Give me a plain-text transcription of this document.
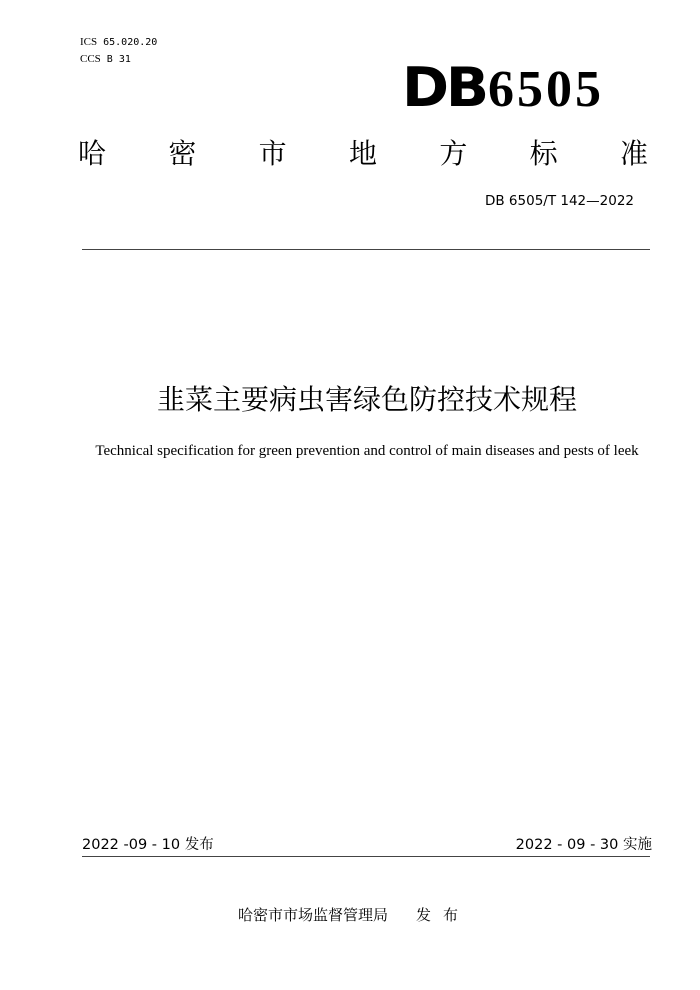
ICS 65.020.20
CCS B 31	DB 6505
哈 密 市 地 方 标 准
DB 6505/T 142—2022
韭菜主要病虫害绿色防控技术规程
Technical specification for green prevention and control of main diseases and pests of leek
2022 -09 - 10 发布	2022 - 09 - 30 实施
哈密市市场监督管理局 发布
